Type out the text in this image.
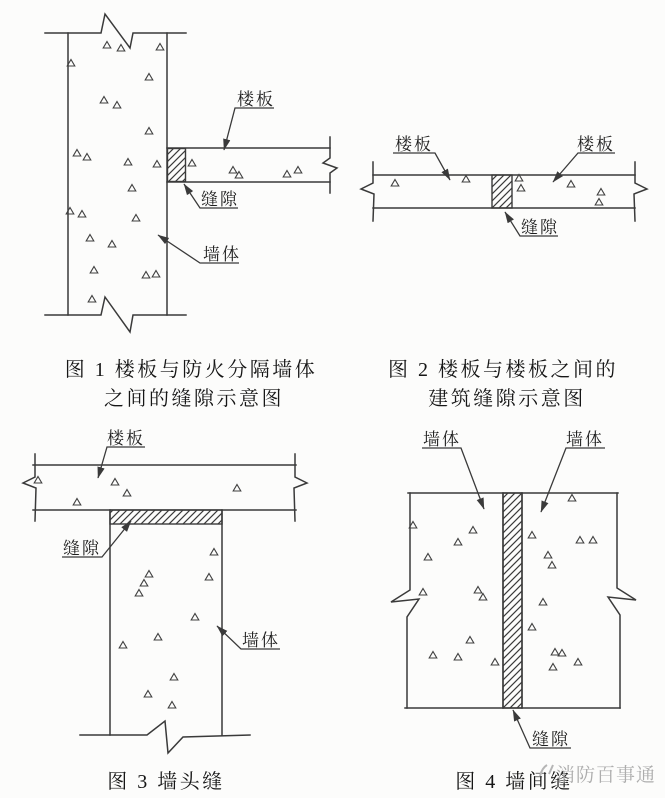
楼板
缝隙
墙体
楼板	楼板
缝隙
楼板
缝隙
墙体
墙体	墙体
缝隙
图 1 楼板与防火分隔墙体
之间的缝隙示意图
图 2 楼板与楼板之间的
建筑缝隙示意图
图 3 墙头缝	图 4 墙间缝
消防百事通
